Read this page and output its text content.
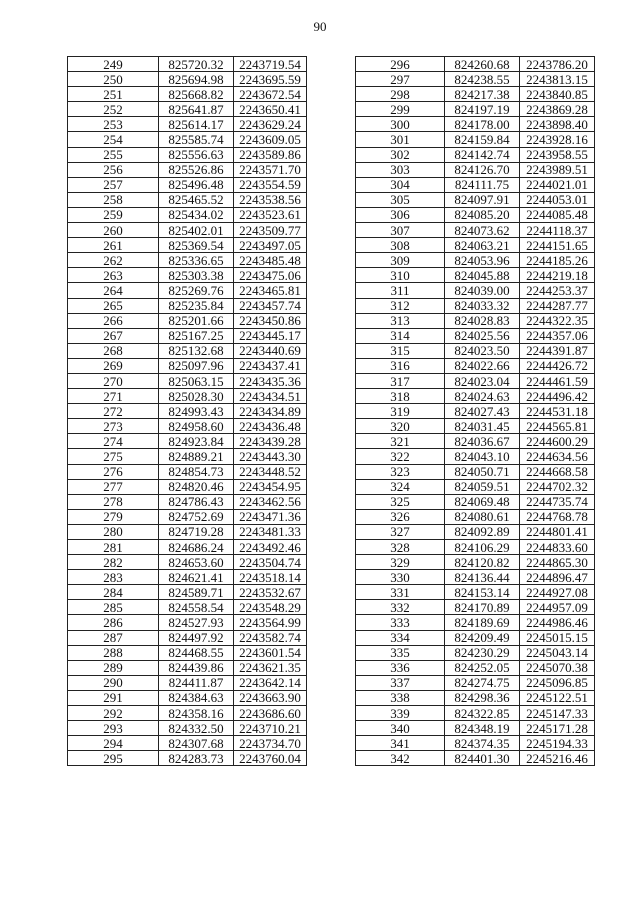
90
249	825720.32	2243719.54
250	825694.98	2243695.59
251	825668.82	2243672.54
252	825641.87	2243650.41
253	825614.17	2243629.24
254	825585.74	2243609.05
255	825556.63	2243589.86
256	825526.86	2243571.70
257	825496.48	2243554.59
258	825465.52	2243538.56
259	825434.02	2243523.61
260	825402.01	2243509.77
261	825369.54	2243497.05
262	825336.65	2243485.48
263	825303.38	2243475.06
264	825269.76	2243465.81
265	825235.84	2243457.74
266	825201.66	2243450.86
267	825167.25	2243445.17
268	825132.68	2243440.69
269	825097.96	2243437.41
270	825063.15	2243435.36
271	825028.30	2243434.51
272	824993.43	2243434.89
273	824958.60	2243436.48
274	824923.84	2243439.28
275	824889.21	2243443.30
276	824854.73	2243448.52
277	824820.46	2243454.95
278	824786.43	2243462.56
279	824752.69	2243471.36
280	824719.28	2243481.33
281	824686.24	2243492.46
282	824653.60	2243504.74
283	824621.41	2243518.14
284	824589.71	2243532.67
285	824558.54	2243548.29
286	824527.93	2243564.99
287	824497.92	2243582.74
288	824468.55	2243601.54
289	824439.86	2243621.35
290	824411.87	2243642.14
291	824384.63	2243663.90
292	824358.16	2243686.60
293	824332.50	2243710.21
294	824307.68	2243734.70
295	824283.73	2243760.04
296	824260.68	2243786.20
297	824238.55	2243813.15
298	824217.38	2243840.85
299	824197.19	2243869.28
300	824178.00	2243898.40
301	824159.84	2243928.16
302	824142.74	2243958.55
303	824126.70	2243989.51
304	824111.75	2244021.01
305	824097.91	2244053.01
306	824085.20	2244085.48
307	824073.62	2244118.37
308	824063.21	2244151.65
309	824053.96	2244185.26
310	824045.88	2244219.18
311	824039.00	2244253.37
312	824033.32	2244287.77
313	824028.83	2244322.35
314	824025.56	2244357.06
315	824023.50	2244391.87
316	824022.66	2244426.72
317	824023.04	2244461.59
318	824024.63	2244496.42
319	824027.43	2244531.18
320	824031.45	2244565.81
321	824036.67	2244600.29
322	824043.10	2244634.56
323	824050.71	2244668.58
324	824059.51	2244702.32
325	824069.48	2244735.74
326	824080.61	2244768.78
327	824092.89	2244801.41
328	824106.29	2244833.60
329	824120.82	2244865.30
330	824136.44	2244896.47
331	824153.14	2244927.08
332	824170.89	2244957.09
333	824189.69	2244986.46
334	824209.49	2245015.15
335	824230.29	2245043.14
336	824252.05	2245070.38
337	824274.75	2245096.85
338	824298.36	2245122.51
339	824322.85	2245147.33
340	824348.19	2245171.28
341	824374.35	2245194.33
342	824401.30	2245216.46
